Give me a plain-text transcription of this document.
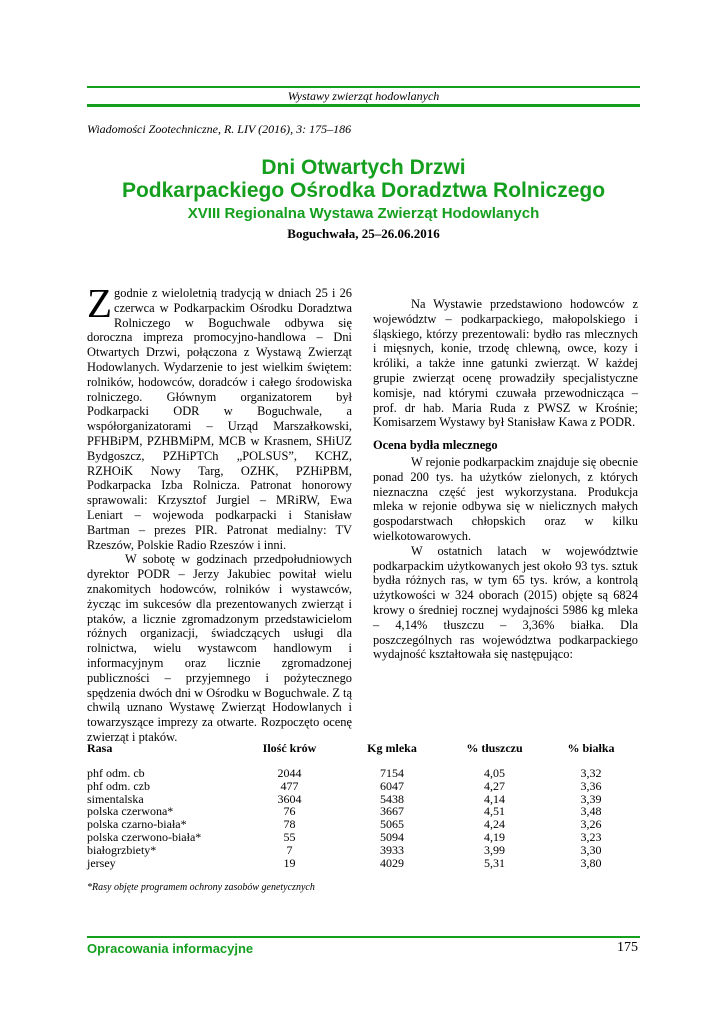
Wystawy zwierząt hodowlanych
Wiadomości Zootechniczne, R. LIV (2016), 3: 175–186
Dni Otwartych Drzwi
Podkarpackiego Ośrodka Doradztwa Rolniczego
XVIII Regionalna Wystawa Zwierząt Hodowlanych
Boguchwała, 25–26.06.2016

Zgodnie z wieloletnią tradycją w dniach 25 i 26 czerwca w Podkarpackim Ośrodku Doradztwa Rolniczego w Boguchwale odbywa się doroczna impreza promocyjno-handlowa – Dni Otwartych Drzwi, połączona z Wystawą Zwierząt Hodowlanych. Wydarzenie to jest wielkim świętem: rolników, hodowców, doradców i całego środowiska rolniczego. Głównym organizatorem był Podkarpacki ODR w Boguchwale, a współorganizatorami – Urząd Marszałkowski, PFHBiPM, PZHBMiPM, MCB w Krasnem, SHiUZ Bydgoszcz, PZHiPTCh „POLSUS”, KCHZ, RZHOiK Nowy Targ, OZHK, PZHiPBM, Podkarpacka Izba Rolnicza. Patronat honorowy sprawowali: Krzysztof Jurgiel – MRiRW, Ewa Leniart – wojewoda podkarpacki i Stanisław Bartman – prezes PIR. Patronat medialny: TV Rzeszów, Polskie Radio Rzeszów i inni.

W sobotę w godzinach przedpołudniowych dyrektor PODR – Jerzy Jakubiec powitał wielu znakomitych hodowców, rolników i wystawców, życząc im sukcesów dla prezentowanych zwierząt i ptaków, a licznie zgromadzonym przedstawicielom różnych organizacji, świadczących usługi dla rolnictwa, wielu wystawcom handlowym i informacyjnym oraz licznie zgromadzonej publiczności – przyjemnego i pożytecznego spędzenia dwóch dni w Ośrodku w Boguchwale. Z tą chwilą uznano Wystawę Zwierząt Hodowlanych i towarzyszące imprezy za otwarte. Rozpoczęto ocenę zwierząt i ptaków.

Na Wystawie przedstawiono hodowców z województw – podkarpackiego, małopolskiego i śląskiego, którzy prezentowali: bydło ras mlecznych i mięsnych, konie, trzodę chlewną, owce, kozy i króliki, a także inne gatunki zwierząt. W każdej grupie zwierząt ocenę prowadziły specjalistyczne komisje, nad którymi czuwała przewodnicząca – prof. dr hab. Maria Ruda z PWSZ w Krośnie; Komisarzem Wystawy był Stanisław Kawa z PODR.

Ocena bydła mlecznego

W rejonie podkarpackim znajduje się obecnie ponad 200 tys. ha użytków zielonych, z których nieznaczna część jest wykorzystana. Produkcja mleka w rejonie odbywa się w nielicznych małych gospodarstwach chłopskich oraz w kilku wielkotowarowych.

W ostatnich latach w województwie podkarpackim użytkowanych jest około 93 tys. sztuk bydła różnych ras, w tym 65 tys. krów, a kontrolą użytkowości w 324 oborach (2015) objęte są 6824 krowy o średniej rocznej wydajności 5986 kg mleka – 4,14% tłuszczu – 3,36% białka. Dla poszczególnych ras województwa podkarpackiego wydajność kształtowała się następująco:

Rasa	Ilość krów	Kg mleka	% tłuszczu	% białka
phf odm. cb	2044	7154	4,05	3,32
phf odm. czb	477	6047	4,27	3,36
simentalska	3604	5438	4,14	3,39
polska czerwona*	76	3667	4,51	3,48
polska czarno-biała*	78	5065	4,24	3,26
polska czerwono-biała*	55	5094	4,19	3,23
białogrzbiety*	7	3933	3,99	3,30
jersey	19	4029	5,31	3,80
*Rasy objęte programem ochrony zasobów genetycznych
Opracowania informacyjne	175
